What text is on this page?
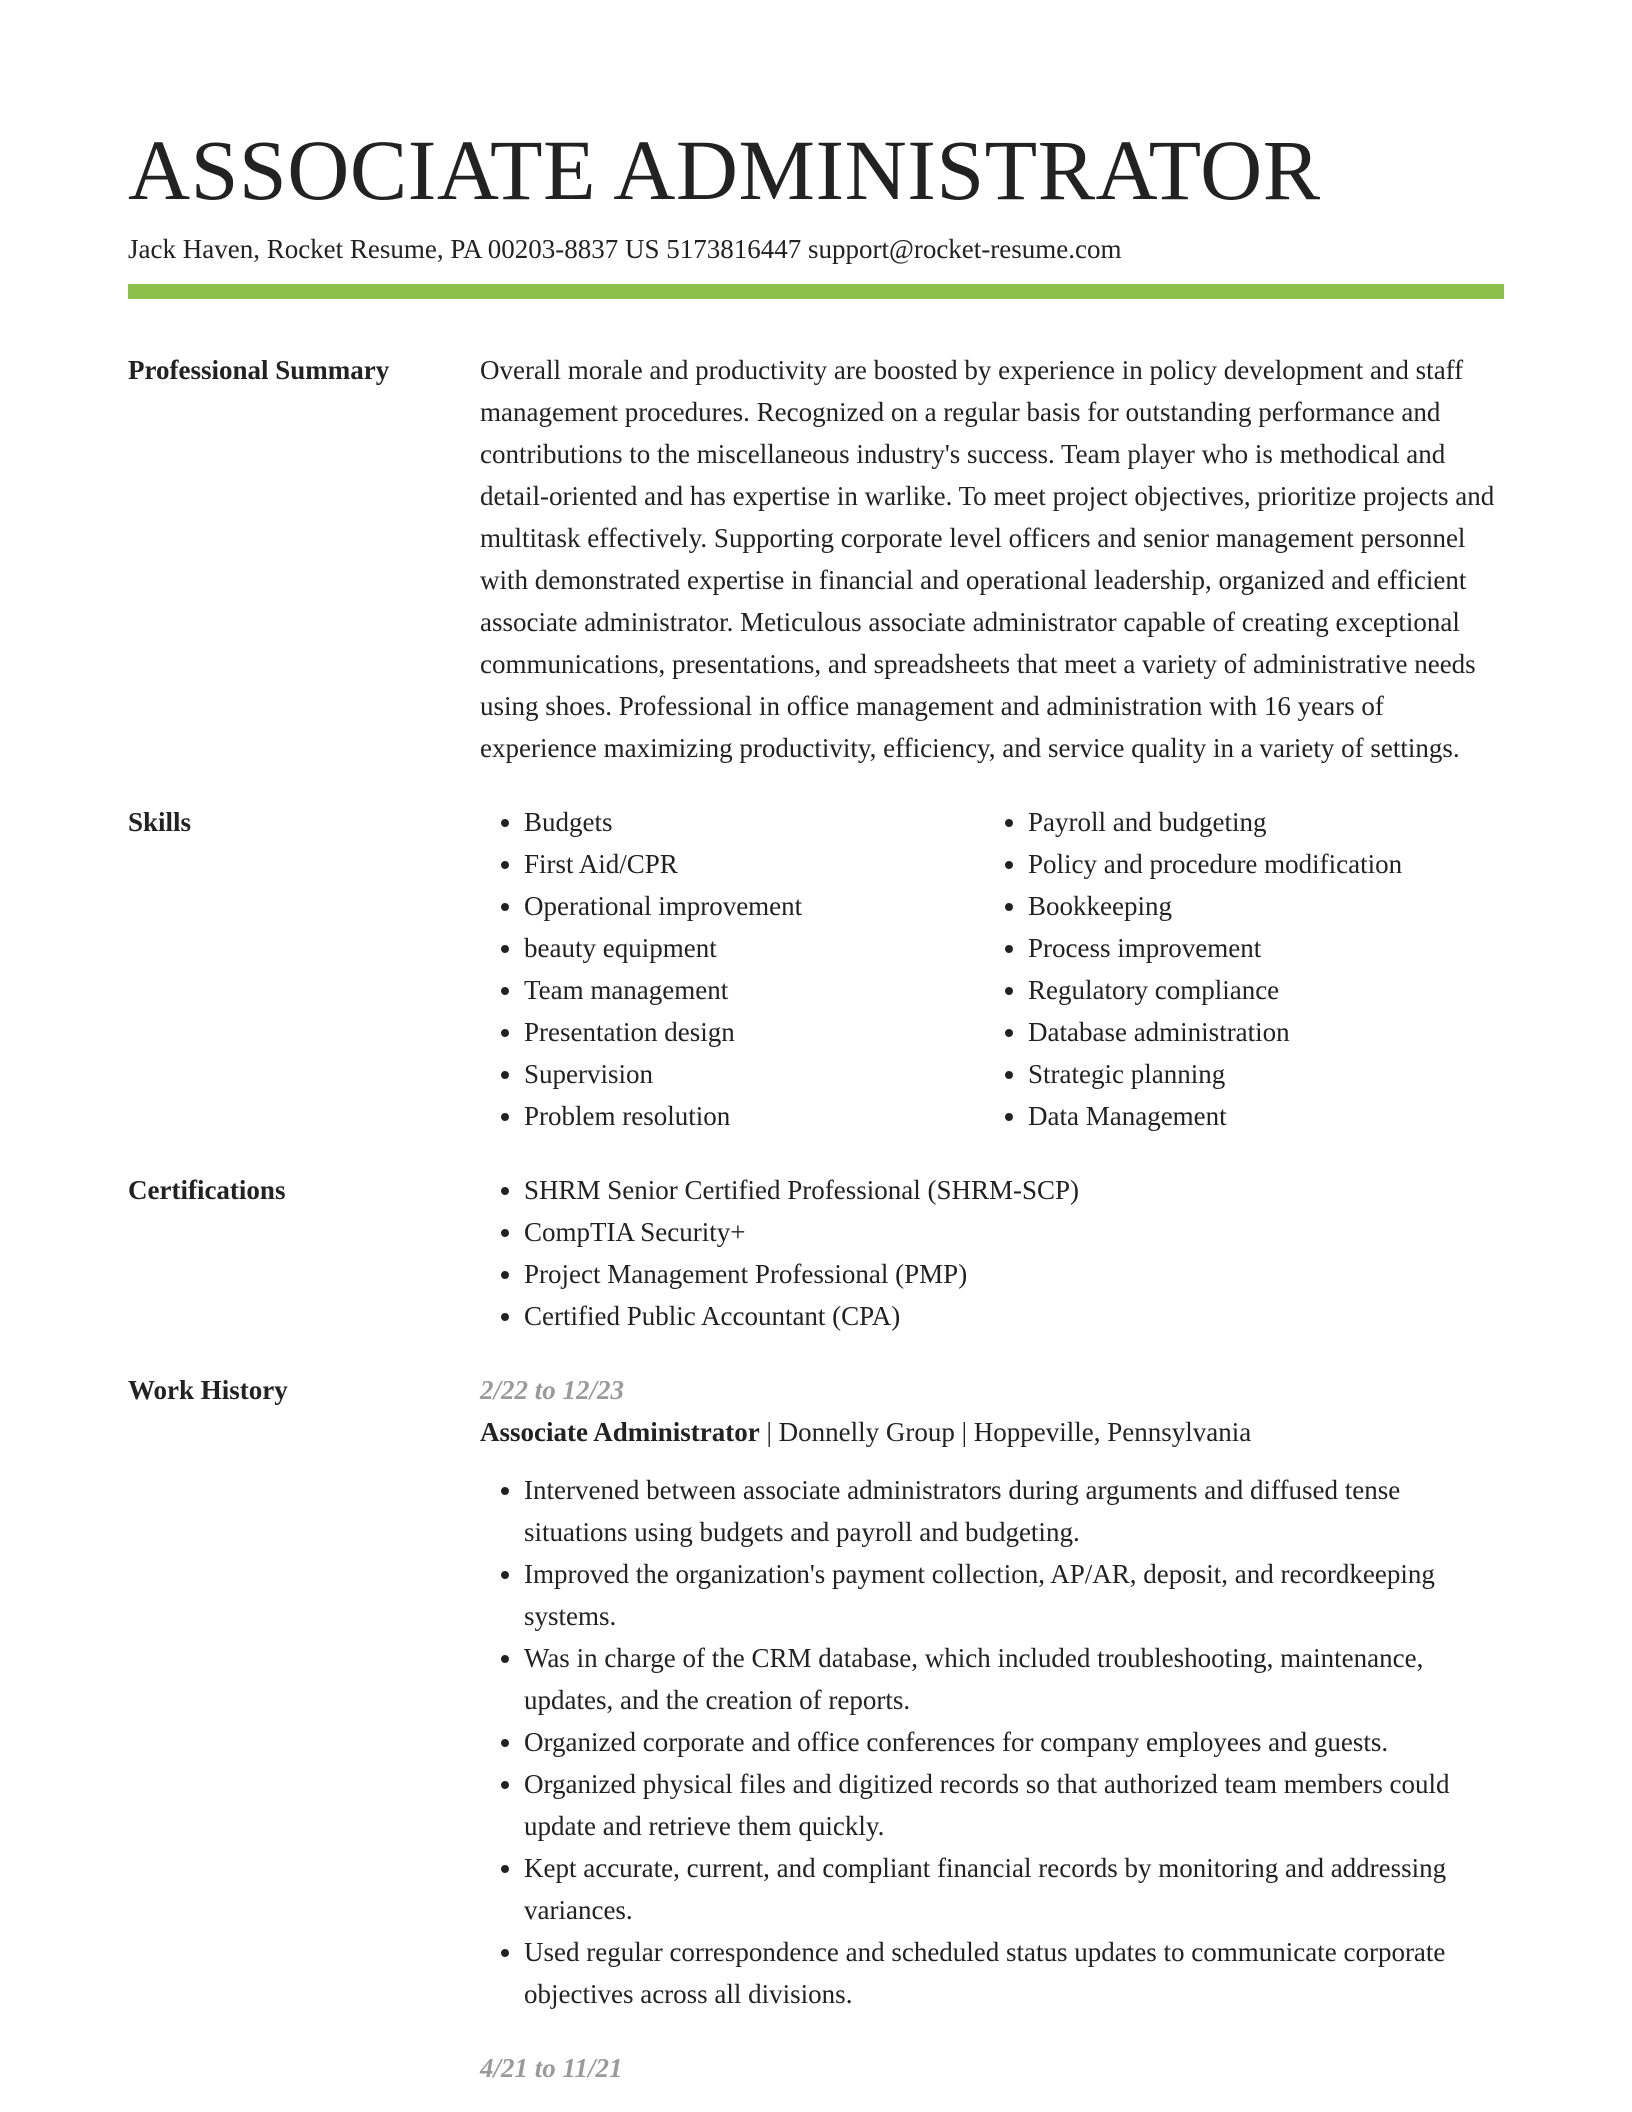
ASSOCIATE ADMINISTRATOR
Jack Haven, Rocket Resume, PA 00203-8837 US 5173816447 support@rocket-resume.com
Professional Summary	Overall morale and productivity are boosted by experience in policy development and staff management procedures. Recognized on a regular basis for outstanding performance and contributions to the miscellaneous industry's success. Team player who is methodical and detail-oriented and has expertise in warlike. To meet project objectives, prioritize projects and multitask effectively. Supporting corporate level officers and senior management personnel with demonstrated expertise in financial and operational leadership, organized and efficient associate administrator. Meticulous associate administrator capable of creating exceptional communications, presentations, and spreadsheets that meet a variety of administrative needs using shoes. Professional in office management and administration with 16 years of experience maximizing productivity, efficiency, and service quality in a variety of settings.

Skills	• Budgets
• First Aid/CPR
• Operational improvement
• beauty equipment
• Team management
• Presentation design
• Supervision
• Problem resolution
• Payroll and budgeting
• Policy and procedure modification
• Bookkeeping
• Process improvement
• Regulatory compliance
• Database administration
• Strategic planning
• Data Management
Certifications	• SHRM Senior Certified Professional (SHRM-SCP)
• CompTIA Security+
• Project Management Professional (PMP)
• Certified Public Accountant (CPA)
Work History	2/22 to 12/23
Associate Administrator | Donnelly Group | Hoppeville, Pennsylvania
• Intervened between associate administrators during arguments and diffused tense situations using budgets and payroll and budgeting.
• Improved the organization's payment collection, AP/AR, deposit, and recordkeeping systems.
• Was in charge of the CRM database, which included troubleshooting, maintenance, updates, and the creation of reports.
• Organized corporate and office conferences for company employees and guests.
• Organized physical files and digitized records so that authorized team members could update and retrieve them quickly.
• Kept accurate, current, and compliant financial records by monitoring and addressing variances.
• Used regular correspondence and scheduled status updates to communicate corporate objectives across all divisions.
4/21 to 11/21
